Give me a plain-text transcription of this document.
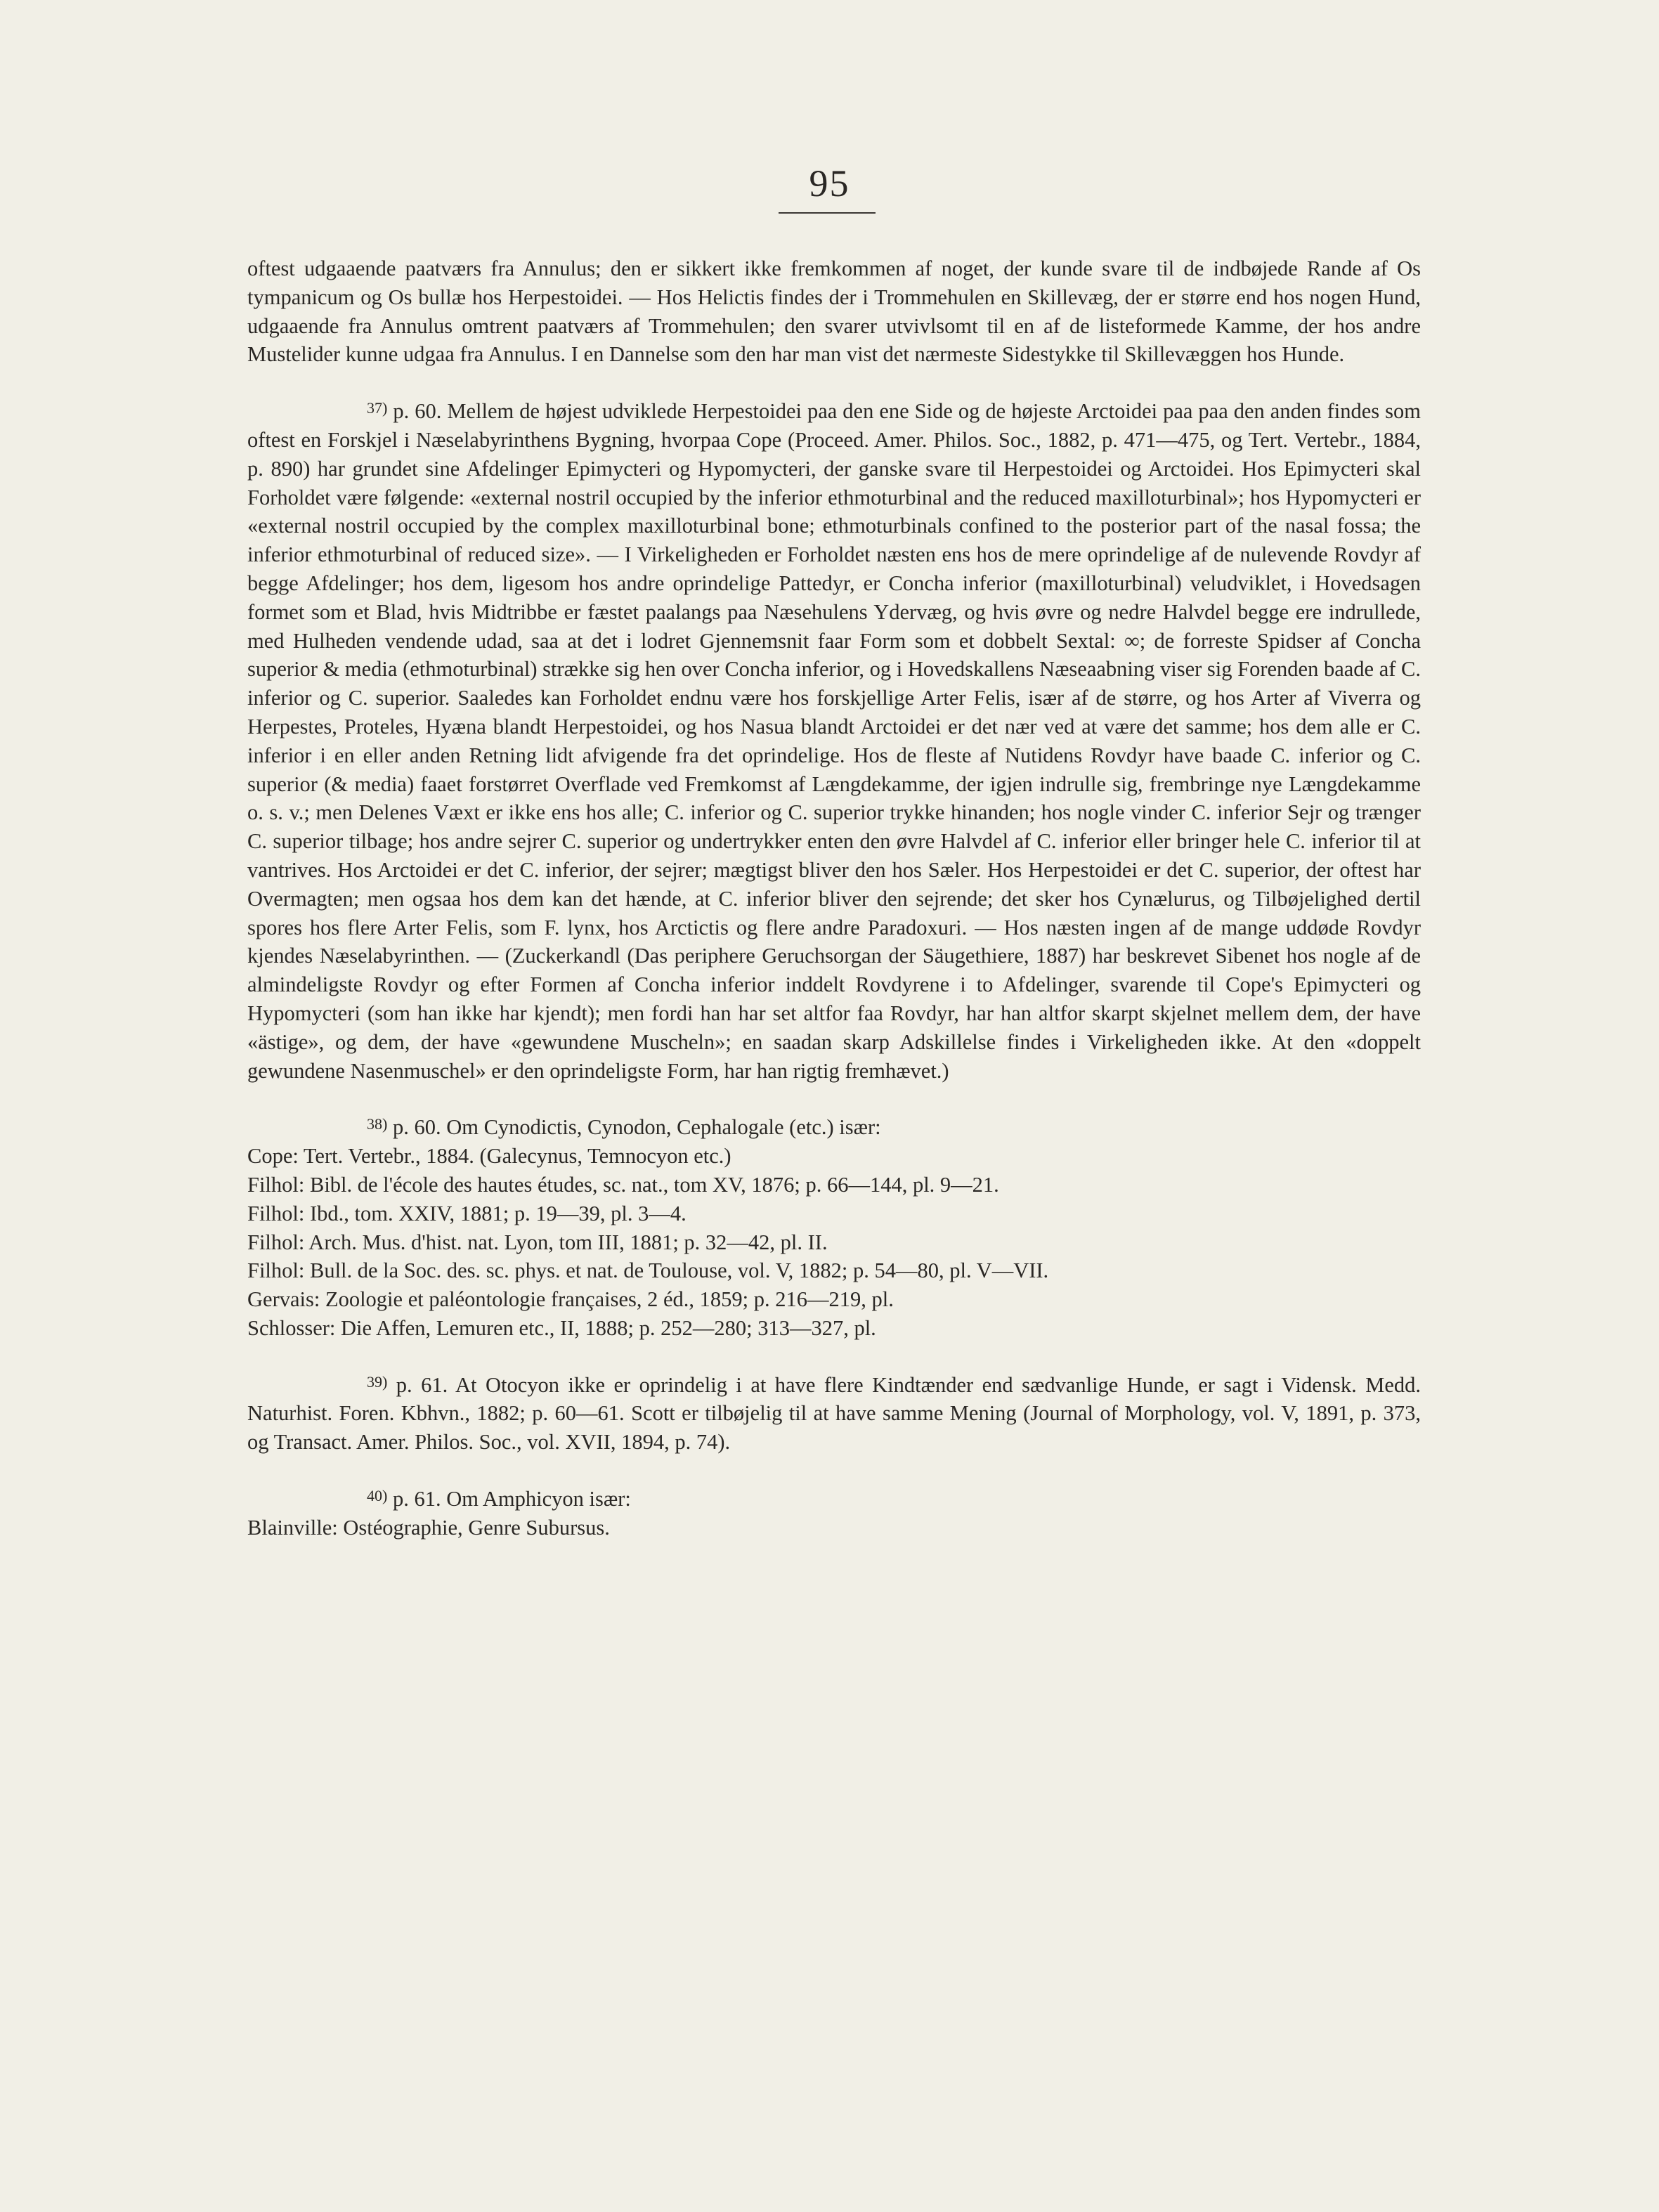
95

oftest udgaaende paatværs fra Annulus; den er sikkert ikke fremkommen af noget, der kunde svare til de indbøjede Rande af Os tympanicum og Os bullæ hos Herpestoidei. — Hos Helictis findes der i Trommehulen en Skillevæg, der er større end hos nogen Hund, udgaaende fra Annulus omtrent paatværs af Trommehulen; den svarer utvivlsomt til en af de listeformede Kamme, der hos andre Mustelider kunne udgaa fra Annulus. I en Dannelse som den har man vist det nærmeste Sidestykke til Skillevæggen hos Hunde.

$^{37)}$ p. 60. Mellem de højest udviklede Herpestoidei paa den ene Side og de højeste Arctoidei paa paa den anden findes som oftest en Forskjel i Næselabyrinthens Bygning, hvorpaa Cope (Proceed. Amer. Philos. Soc., 1882, p. 471—475, og Tert. Vertebr., 1884, p. 890) har grundet sine Afdelinger Epimycteri og Hypomycteri, der ganske svare til Herpestoidei og Arctoidei. Hos Epimycteri skal Forholdet være følgende: «external nostril occupied by the inferior ethmoturbinal and the reduced maxilloturbinal»; hos Hypomycteri er «external nostril occupied by the complex maxilloturbinal bone; ethmoturbinals confined to the posterior part of the nasal fossa; the inferior ethmoturbinal of reduced size». — I Virkeligheden er Forholdet næsten ens hos de mere oprindelige af de nulevende Rovdyr af begge Afdelinger; hos dem, ligesom hos andre oprindelige Pattedyr, er Concha inferior (maxilloturbinal) veludviklet, i Hovedsagen formet som et Blad, hvis Midtribbe er fæstet paalangs paa Næsehulens Ydervæg, og hvis øvre og nedre Halvdel begge ere indrullede, med Hulheden vendende udad, saa at det i lodret Gjennemsnit faar Form som et dobbelt Sextal: ∞; de forreste Spidser af Concha superior & media (ethmoturbinal) strække sig hen over Concha inferior, og i Hovedskallens Næseaabning viser sig Forenden baade af C. inferior og C. superior. Saaledes kan Forholdet endnu være hos forskjellige Arter Felis, især af de større, og hos Arter af Viverra og Herpestes, Proteles, Hyæna blandt Herpestoidei, og hos Nasua blandt Arctoidei er det nær ved at være det samme; hos dem alle er C. inferior i en eller anden Retning lidt afvigende fra det oprindelige. Hos de fleste af Nutidens Rovdyr have baade C. inferior og C. superior (& media) faaet forstørret Overflade ved Fremkomst af Længdekamme, der igjen indrulle sig, frembringe nye Længdekamme o. s. v.; men Delenes Væxt er ikke ens hos alle; C. inferior og C. superior trykke hinanden; hos nogle vinder C. inferior Sejr og trænger C. superior tilbage; hos andre sejrer C. superior og undertrykker enten den øvre Halvdel af C. inferior eller bringer hele C. inferior til at vantrives. Hos Arctoidei er det C. inferior, der sejrer; mægtigst bliver den hos Sæler. Hos Herpestoidei er det C. superior, der oftest har Overmagten; men ogsaa hos dem kan det hænde, at C. inferior bliver den sejrende; det sker hos Cynælurus, og Tilbøjelighed dertil spores hos flere Arter Felis, som F. lynx, hos Arctictis og flere andre Paradoxuri. — Hos næsten ingen af de mange uddøde Rovdyr kjendes Næselabyrinthen. — (Zuckerkandl (Das periphere Geruchsorgan der Säugethiere, 1887) har beskrevet Sibenet hos nogle af de almindeligste Rovdyr og efter Formen af Concha inferior inddelt Rovdyrene i to Afdelinger, svarende til Cope's Epimycteri og Hypomycteri (som han ikke har kjendt); men fordi han har set altfor faa Rovdyr, har han altfor skarpt skjelnet mellem dem, der have «ästige», og dem, der have «gewundene Muscheln»; en saadan skarp Adskillelse findes i Virkeligheden ikke. At den «doppelt gewundene Nasenmuschel» er den oprindeligste Form, har han rigtig fremhævet.)

$^{38)}$ p. 60. Om Cynodictis, Cynodon, Cephalogale (etc.) især:

Cope: Tert. Vertebr., 1884. (Galecynus, Temnocyon etc.)

Filhol: Bibl. de l'école des hautes études, sc. nat., tom XV, 1876; p. 66—144, pl. 9—21.

Filhol: Ibd., tom. XXIV, 1881; p. 19—39, pl. 3—4.

Filhol: Arch. Mus. d'hist. nat. Lyon, tom III, 1881; p. 32—42, pl. II.

Filhol: Bull. de la Soc. des. sc. phys. et nat. de Toulouse, vol. V, 1882; p. 54—80, pl. V—VII.

Gervais: Zoologie et paléontologie françaises, 2 éd., 1859; p. 216—219, pl.

Schlosser: Die Affen, Lemuren etc., II, 1888; p. 252—280; 313—327, pl.

$^{39)}$ p. 61. At Otocyon ikke er oprindelig i at have flere Kindtænder end sædvanlige Hunde, er sagt i Vidensk. Medd. Naturhist. Foren. Kbhvn., 1882; p. 60—61. Scott er tilbøjelig til at have samme Mening (Journal of Morphology, vol. V, 1891, p. 373, og Transact. Amer. Philos. Soc., vol. XVII, 1894, p. 74).

$^{40)}$ p. 61. Om Amphicyon især:

Blainville: Ostéographie, Genre Subursus.
